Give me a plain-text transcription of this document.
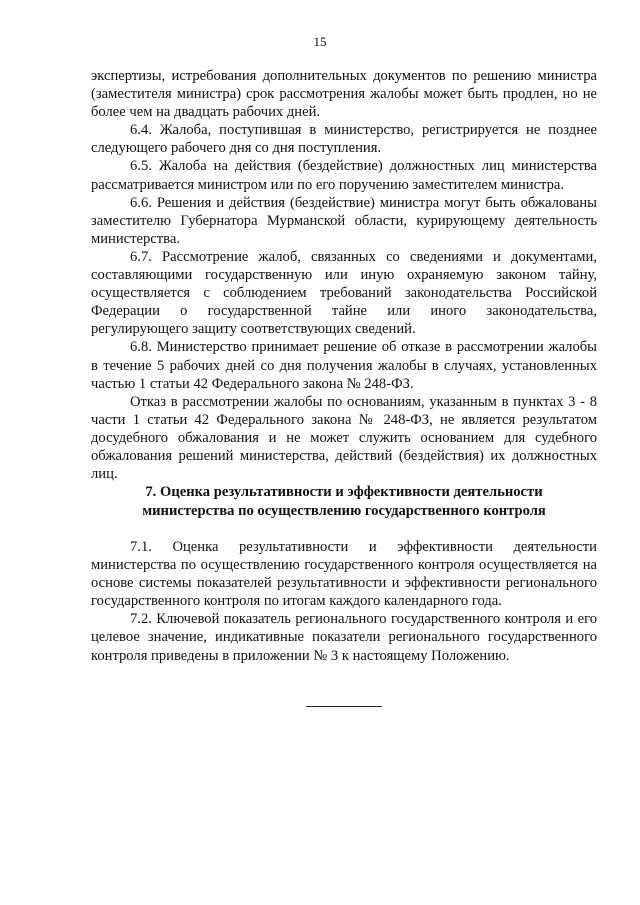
15

экспертизы, истребования дополнительных документов по решению министра (заместителя министра) срок рассмотрения жалобы может быть продлен, но не более чем на двадцать рабочих дней.

6.4. Жалоба, поступившая в министерство, регистрируется не позднее следующего рабочего дня со дня поступления.

6.5. Жалоба на действия (бездействие) должностных лиц министерства рассматривается министром или по его поручению заместителем министра.

6.6. Решения и действия (бездействие) министра могут быть обжалованы заместителю Губернатора Мурманской области, курирующему деятельность министерства.

6.7. Рассмотрение жалоб, связанных со сведениями и документами, составляющими государственную или иную охраняемую законом тайну, осуществляется с соблюдением требований законодательства Российской Федерации о государственной тайне или иного законодательства, регулирующего защиту соответствующих сведений.

6.8. Министерство принимает решение об отказе в рассмотрении жалобы в течение 5 рабочих дней со дня получения жалобы в случаях, установленных частью 1 статьи 42 Федерального закона № 248-ФЗ.

Отказ в рассмотрении жалобы по основаниям, указанным в пунктах 3 - 8 части 1 статьи 42 Федерального закона № 248-ФЗ, не является результатом досудебного обжалования и не может служить основанием для судебного обжалования решений министерства, действий (бездействия) их должностных лиц.

7. Оценка результативности и эффективности деятельности
министерства по осуществлению государственного контроля

7.1. Оценка результативности и эффективности деятельности министерства по осуществлению государственного контроля осуществляется на основе системы показателей результативности и эффективности регионального государственного контроля по итогам каждого календарного года.

7.2. Ключевой показатель регионального государственного контроля и его целевое значение, индикативные показатели регионального государственного контроля приведены в приложении № 3 к настоящему Положению.
